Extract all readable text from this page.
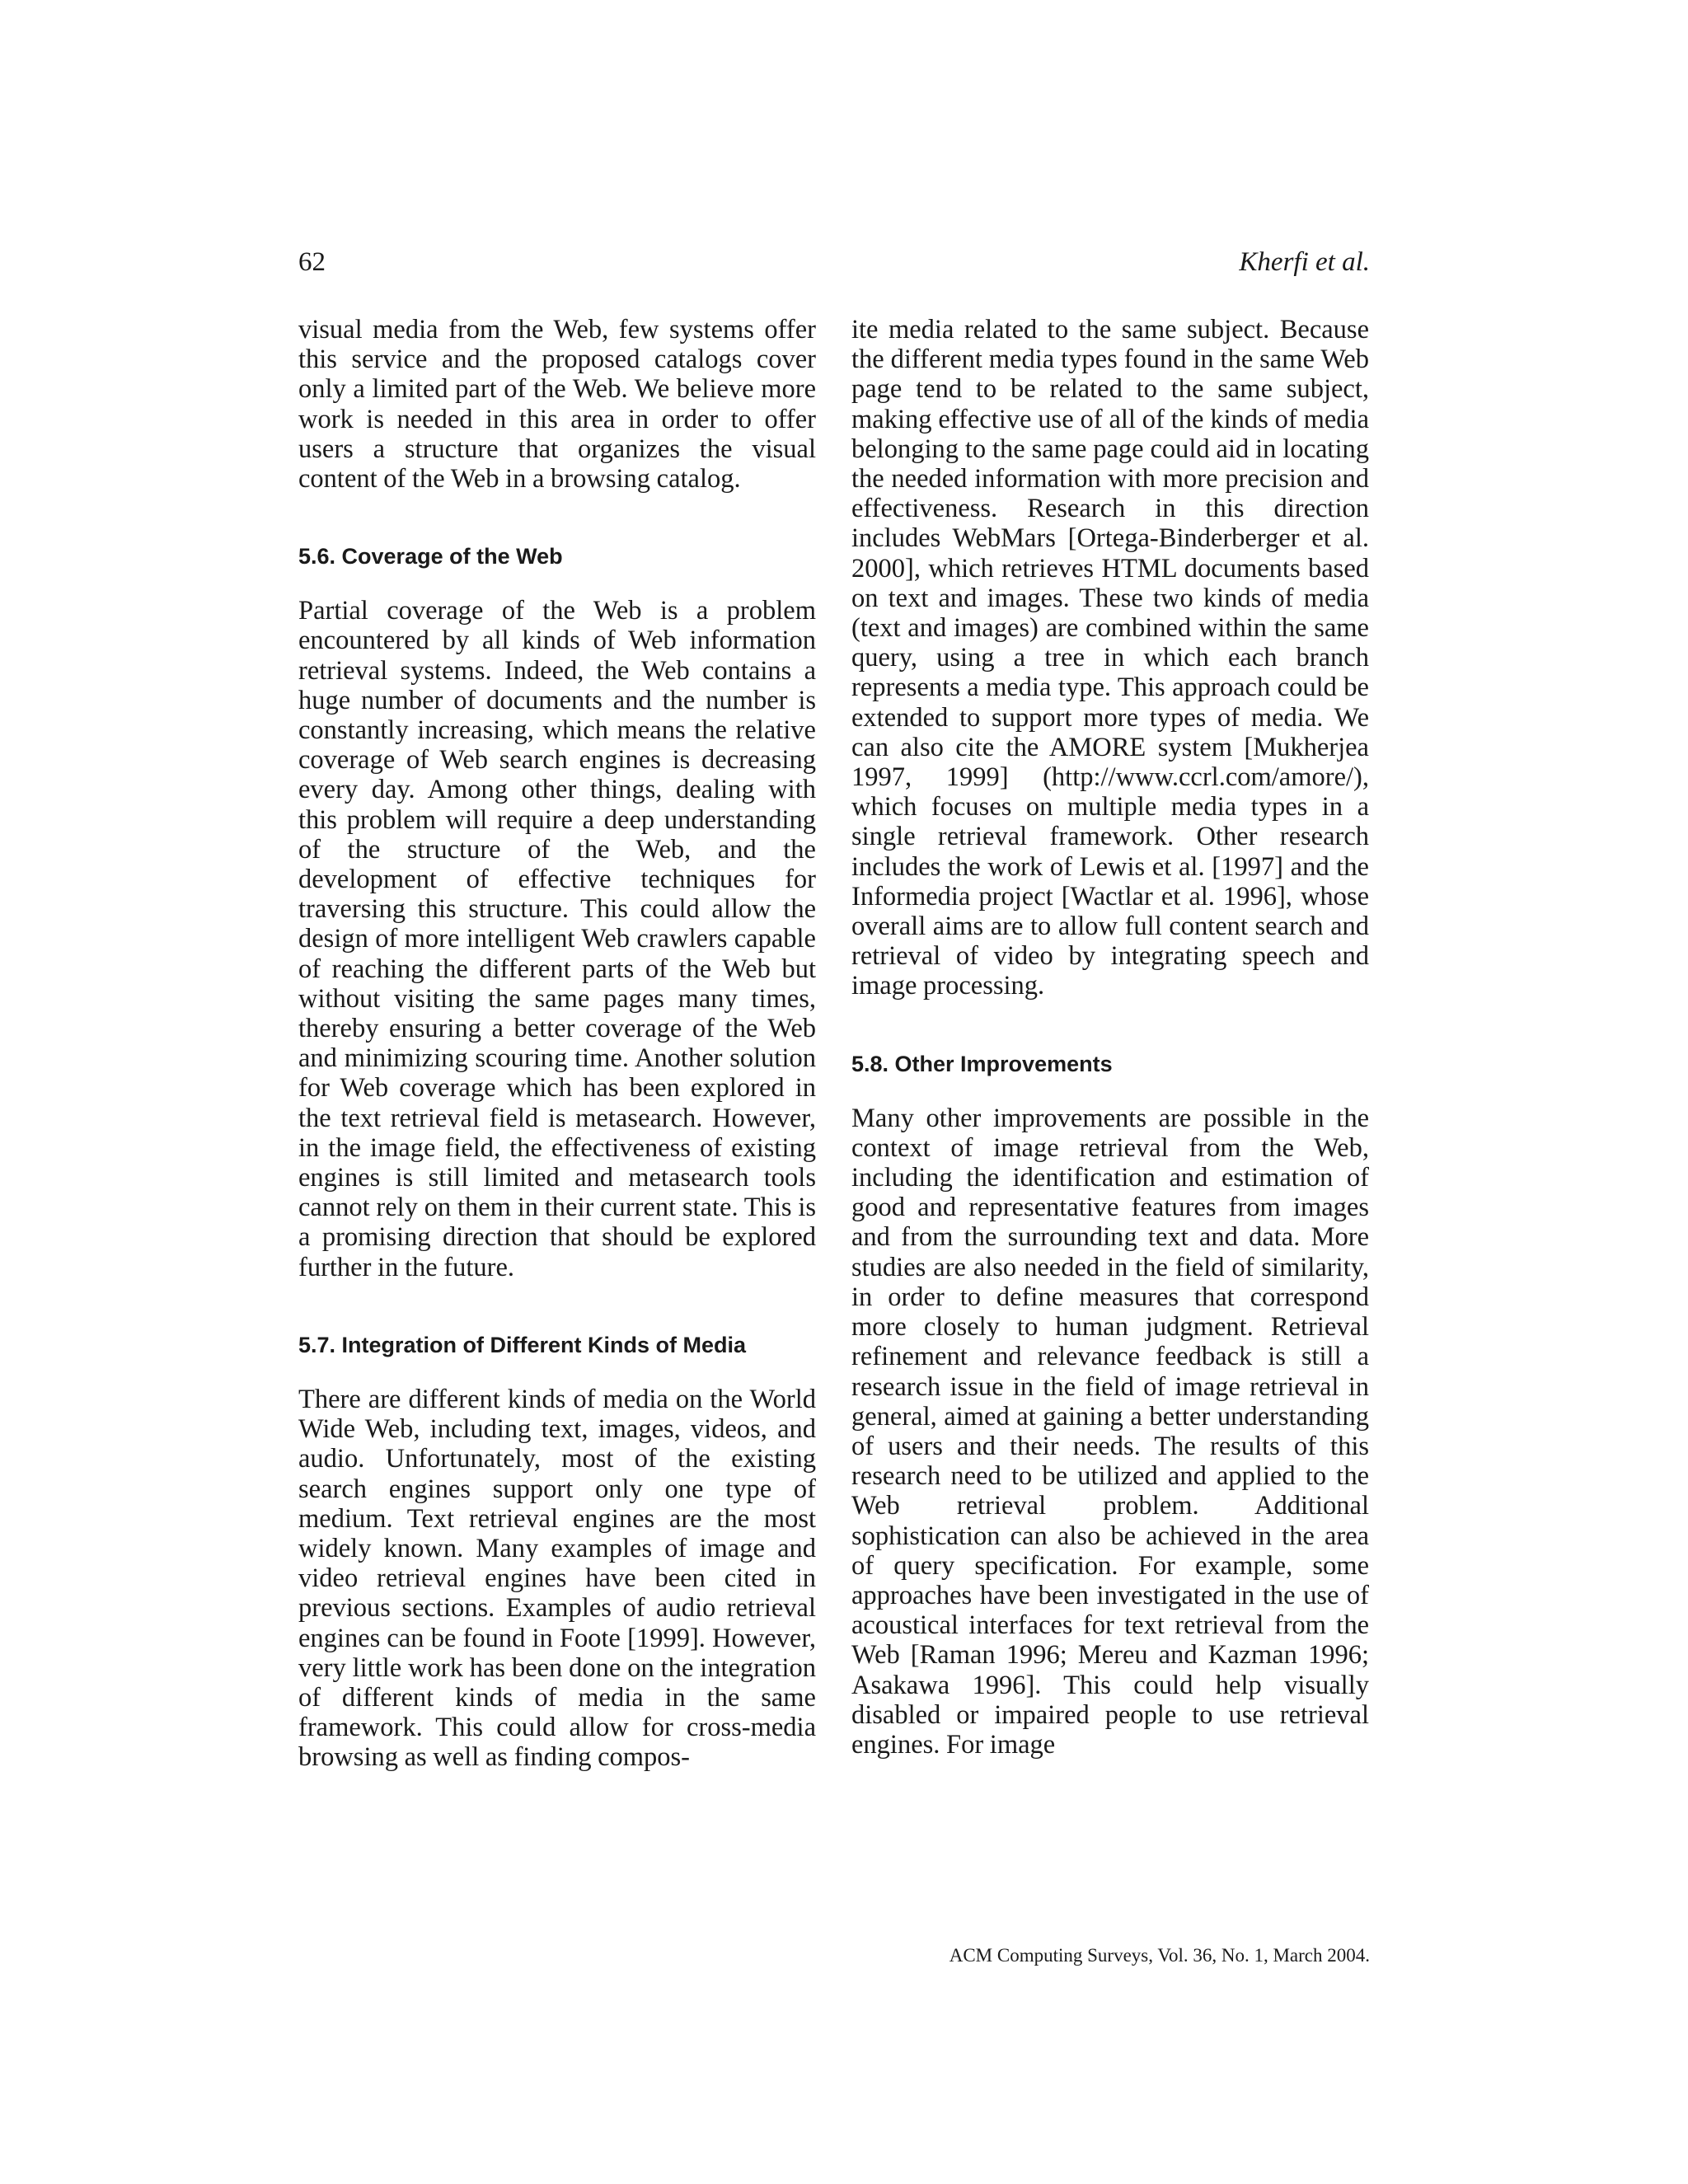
62	Kherfi et al.

visual media from the Web, few systems offer this service and the proposed catalogs cover only a limited part of the Web. We believe more work is needed in this area in order to offer users a structure that organizes the visual content of the Web in a browsing catalog.

5.6. Coverage of the Web

Partial coverage of the Web is a problem encountered by all kinds of Web information retrieval systems. Indeed, the Web contains a huge number of documents and the number is constantly increasing, which means the relative coverage of Web search engines is decreasing every day. Among other things, dealing with this problem will require a deep understanding of the structure of the Web, and the development of effective techniques for traversing this structure. This could allow the design of more intelligent Web crawlers capable of reaching the different parts of the Web but without visiting the same pages many times, thereby ensuring a better coverage of the Web and minimizing scouring time. Another solution for Web coverage which has been explored in the text retrieval field is metasearch. However, in the image field, the effectiveness of existing engines is still limited and metasearch tools cannot rely on them in their current state. This is a promising direction that should be explored further in the future.

5.7. Integration of Different Kinds of Media

There are different kinds of media on the World Wide Web, including text, images, videos, and audio. Unfortunately, most of the existing search engines support only one type of medium. Text retrieval engines are the most widely known. Many examples of image and video retrieval engines have been cited in previous sections. Examples of audio retrieval engines can be found in Foote [1999]. However, very little work has been done on the integration of different kinds of media in the same framework. This could allow for cross-media browsing as well as finding compos-

ite media related to the same subject. Because the different media types found in the same Web page tend to be related to the same subject, making effective use of all of the kinds of media belonging to the same page could aid in locating the needed information with more precision and effectiveness. Research in this direction includes WebMars [Ortega-Binderberger et al. 2000], which retrieves HTML documents based on text and images. These two kinds of media (text and images) are combined within the same query, using a tree in which each branch represents a media type. This approach could be extended to support more types of media. We can also cite the AMORE system [Mukherjea 1997, 1999] (http://www.ccrl.com/amore/), which focuses on multiple media types in a single retrieval framework. Other research includes the work of Lewis et al. [1997] and the Informedia project [Wactlar et al. 1996], whose overall aims are to allow full content search and retrieval of video by integrating speech and image processing.

5.8. Other Improvements

Many other improvements are possible in the context of image retrieval from the Web, including the identification and estimation of good and representative features from images and from the surrounding text and data. More studies are also needed in the field of similarity, in order to define measures that correspond more closely to human judgment. Retrieval refinement and relevance feedback is still a research issue in the field of image retrieval in general, aimed at gaining a better understanding of users and their needs. The results of this research need to be utilized and applied to the Web retrieval problem. Additional sophistication can also be achieved in the area of query specification. For example, some approaches have been investigated in the use of acoustical interfaces for text retrieval from the Web [Raman 1996; Mereu and Kazman 1996; Asakawa 1996]. This could help visually disabled or impaired people to use retrieval engines. For image

ACM Computing Surveys, Vol. 36, No. 1, March 2004.
